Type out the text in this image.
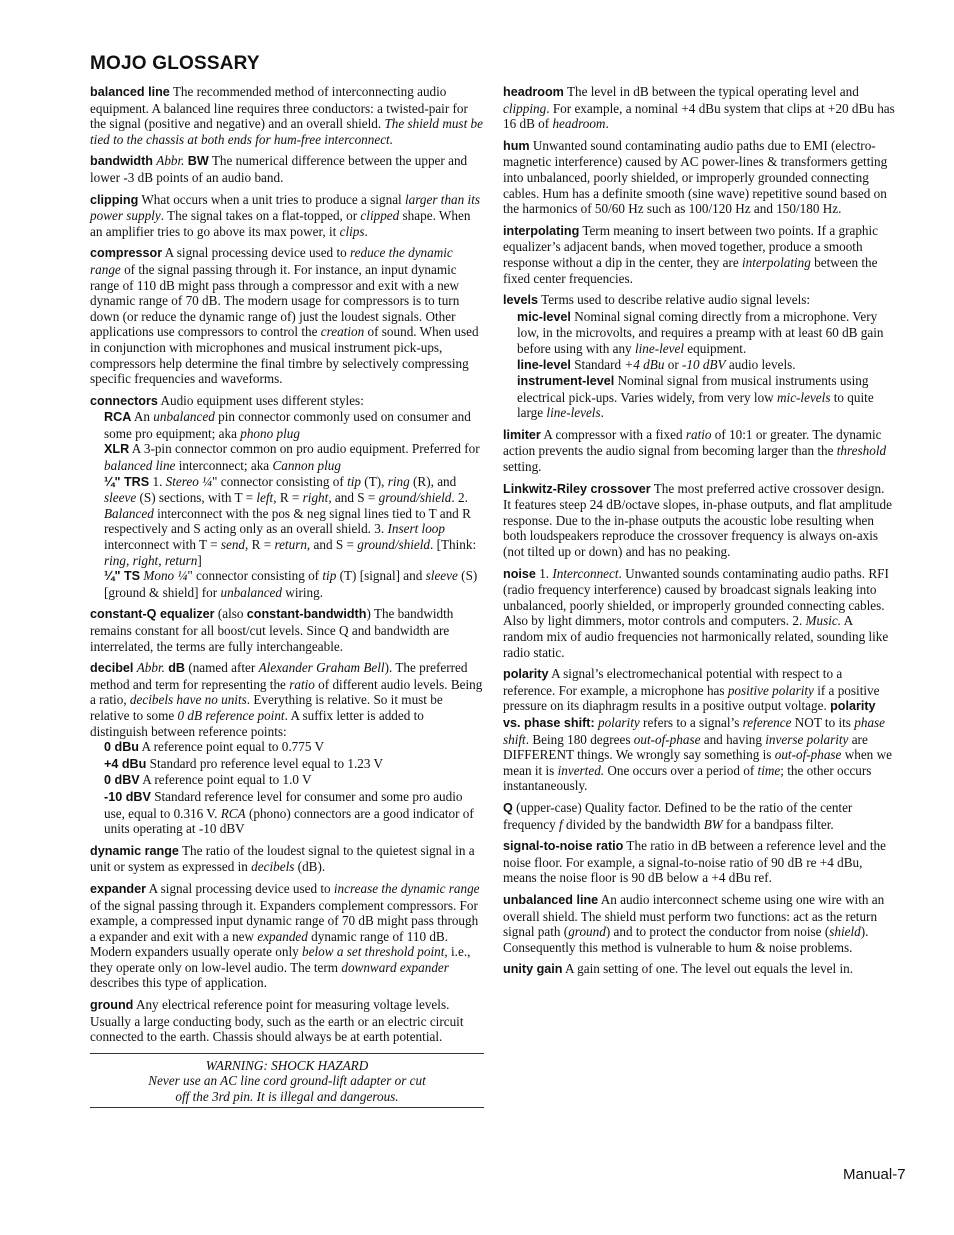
MOJO GLOSSARY
balanced line The recommended method of interconnecting audio equipment. A balanced line requires three conductors: a twisted-pair for the signal (positive and negative) and an overall shield. The shield must be tied to the chassis at both ends for hum-free interconnect.
bandwidth Abbr. BW The numerical difference between the upper and lower -3 dB points of an audio band.
clipping What occurs when a unit tries to produce a signal larger than its power supply. The signal takes on a flat-topped, or clipped shape. When an amplifier tries to go above its max power, it clips.
compressor A signal processing device used to reduce the dynamic range of the signal passing through it. For instance, an input dynamic range of 110 dB might pass through a compressor and exit with a new dynamic range of 70 dB. The modern usage for compressors is to turn down (or reduce the dynamic range of) just the loudest signals. Other applications use compressors to control the creation of sound. When used in conjunction with microphones and musical instrument pick-ups, compressors help determine the final timbre by selectively compressing specific frequencies and waveforms.
connectors Audio equipment uses different styles:
RCA An unbalanced pin connector commonly used on consumer and some pro equipment; aka phono plug
XLR A 3-pin connector common on pro audio equipment. Preferred for balanced line interconnect; aka Cannon plug
¼" TRS 1. Stereo ¼" connector consisting of tip (T), ring (R), and sleeve (S) sections, with T = left, R = right, and S = ground/shield. 2. Balanced interconnect with the pos & neg signal lines tied to T and R respectively and S acting only as an overall shield. 3. Insert loop interconnect with T = send, R = return, and S = ground/shield. [Think: ring, right, return]
¼" TS Mono ¼" connector consisting of tip (T) [signal] and sleeve (S) [ground & shield] for unbalanced wiring.
constant-Q equalizer (also constant-bandwidth) The bandwidth remains constant for all boost/cut levels. Since Q and bandwidth are interrelated, the terms are fully interchangeable.
decibel Abbr. dB (named after Alexander Graham Bell). The preferred method and term for representing the ratio of different audio levels. Being a ratio, decibels have no units. Everything is relative. So it must be relative to some 0 dB reference point. A suffix letter is added to distinguish between reference points:
0 dBu A reference point equal to 0.775 V
+4 dBu Standard pro reference level equal to 1.23 V
0 dBV A reference point equal to 1.0 V
-10 dBV Standard reference level for consumer and some pro audio use, equal to 0.316 V. RCA (phono) connectors are a good indicator of units operating at -10 dBV
dynamic range The ratio of the loudest signal to the quietest signal in a unit or system as expressed in decibels (dB).
expander A signal processing device used to increase the dynamic range of the signal passing through it. Expanders complement compressors. For example, a compressed input dynamic range of 70 dB might pass through a expander and exit with a new expanded dynamic range of 110 dB. Modern expanders usually operate only below a set threshold point, i.e., they operate only on low-level audio. The term downward expander describes this type of application.
ground Any electrical reference point for measuring voltage levels. Usually a large conducting body, such as the earth or an electric circuit connected to the earth. Chassis should always be at earth potential.
WARNING: SHOCK HAZARD
Never use an AC line cord ground-lift adapter or cut
off the 3rd pin. It is illegal and dangerous.
headroom The level in dB between the typical operating level and clipping. For example, a nominal +4 dBu system that clips at +20 dBu has 16 dB of headroom.
hum Unwanted sound contaminating audio paths due to EMI (electro-magnetic interference) caused by AC power-lines & transformers getting into unbalanced, poorly shielded, or improperly grounded connecting cables. Hum has a definite smooth (sine wave) repetitive sound based on the harmonics of 50/60 Hz such as 100/120 Hz and 150/180 Hz.
interpolating Term meaning to insert between two points. If a graphic equalizer’s adjacent bands, when moved together, produce a smooth response without a dip in the center, they are interpolating between the fixed center frequencies.
levels Terms used to describe relative audio signal levels:
mic-level Nominal signal coming directly from a microphone. Very low, in the microvolts, and requires a preamp with at least 60 dB gain before using with any line-level equipment.
line-level Standard +4 dBu or -10 dBV audio levels.
instrument-level Nominal signal from musical instruments using electrical pick-ups. Varies widely, from very low mic-levels to quite large line-levels.
limiter A compressor with a fixed ratio of 10:1 or greater. The dynamic action prevents the audio signal from becoming larger than the threshold setting.
Linkwitz-Riley crossover The most preferred active crossover design. It features steep 24 dB/octave slopes, in-phase outputs, and flat amplitude response. Due to the in-phase outputs the acoustic lobe resulting when both loudspeakers reproduce the crossover frequency is always on-axis (not tilted up or down) and has no peaking.
noise 1. Interconnect. Unwanted sounds contaminating audio paths. RFI (radio frequency interference) caused by broadcast signals leaking into unbalanced, poorly shielded, or improperly grounded connecting cables. Also by light dimmers, motor controls and computers. 2. Music. A random mix of audio frequencies not harmonically related, sounding like radio static.
polarity A signal’s electromechanical potential with respect to a reference. For example, a microphone has positive polarity if a positive pressure on its diaphragm results in a positive output voltage. polarity vs. phase shift: polarity refers to a signal’s reference NOT to its phase shift. Being 180 degrees out-of-phase and having inverse polarity are DIFFERENT things. We wrongly say something is out-of-phase when we mean it is inverted. One occurs over a period of time; the other occurs instantaneously.
Q (upper-case) Quality factor. Defined to be the ratio of the center frequency f divided by the bandwidth BW for a bandpass filter.
signal-to-noise ratio The ratio in dB between a reference level and the noise floor. For example, a signal-to-noise ratio of 90 dB re +4 dBu, means the noise floor is 90 dB below a +4 dBu ref.
unbalanced line An audio interconnect scheme using one wire with an overall shield. The shield must perform two functions: act as the return signal path (ground) and to protect the conductor from noise (shield). Consequently this method is vulnerable to hum & noise problems.
unity gain A gain setting of one. The level out equals the level in.
Manual-7
